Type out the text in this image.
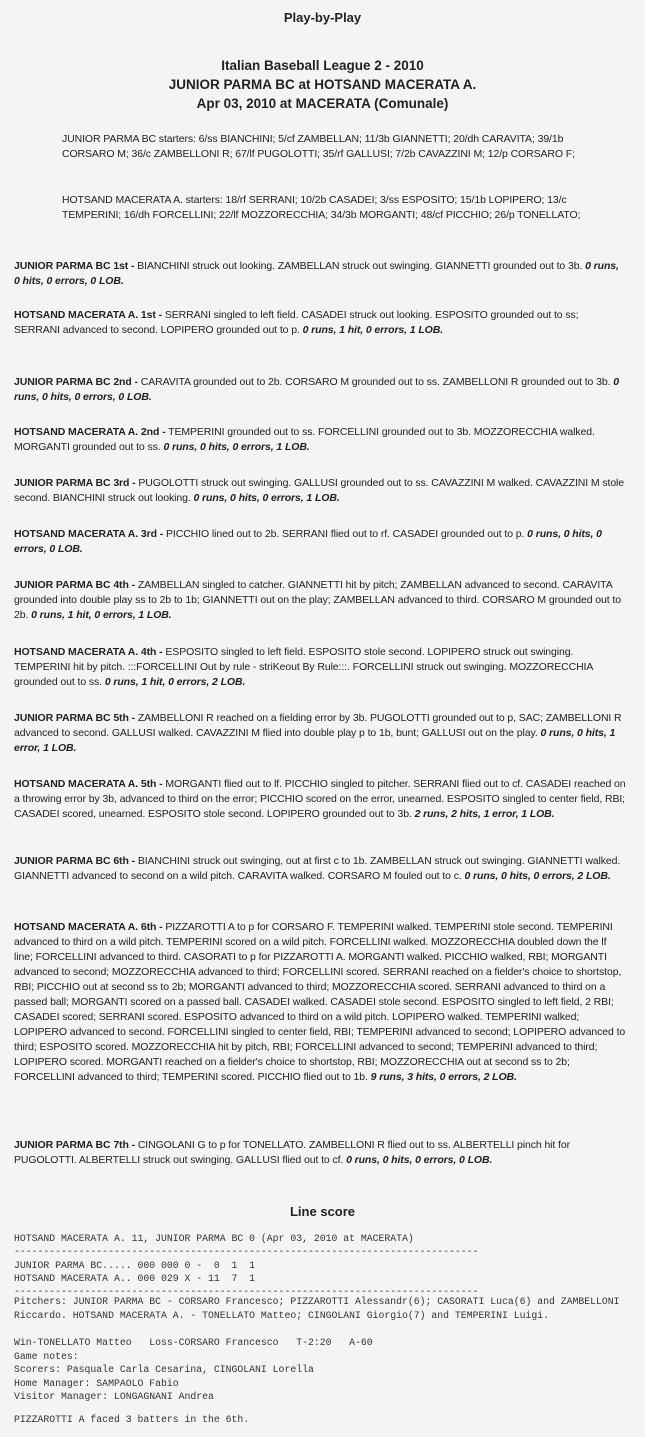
Play-by-Play
Italian Baseball League 2 - 2010
JUNIOR PARMA BC at HOTSAND MACERATA A.
Apr 03, 2010 at MACERATA (Comunale)
JUNIOR PARMA BC starters: 6/ss BIANCHINI; 5/cf ZAMBELLAN; 11/3b GIANNETTI; 20/dh CARAVITA; 39/1b CORSARO M; 36/c ZAMBELLONI R; 67/lf PUGOLOTTI; 35/rf GALLUSI; 7/2b CAVAZZINI M; 12/p CORSARO F;
HOTSAND MACERATA A. starters: 18/rf SERRANI; 10/2b CASADEI; 3/ss ESPOSITO; 15/1b LOPIPERO; 13/c TEMPERINI; 16/dh FORCELLINI; 22/lf MOZZORECCHIA; 34/3b MORGANTI; 48/cf PICCHIO; 26/p TONELLATO;
JUNIOR PARMA BC 1st - BIANCHINI struck out looking. ZAMBELLAN struck out swinging. GIANNETTI grounded out to 3b. 0 runs, 0 hits, 0 errors, 0 LOB.
HOTSAND MACERATA A. 1st - SERRANI singled to left field. CASADEI struck out looking. ESPOSITO grounded out to ss; SERRANI advanced to second. LOPIPERO grounded out to p. 0 runs, 1 hit, 0 errors, 1 LOB.
JUNIOR PARMA BC 2nd - CARAVITA grounded out to 2b. CORSARO M grounded out to ss. ZAMBELLONI R grounded out to 3b. 0 runs, 0 hits, 0 errors, 0 LOB.
HOTSAND MACERATA A. 2nd - TEMPERINI grounded out to ss. FORCELLINI grounded out to 3b. MOZZORECCHIA walked. MORGANTI grounded out to ss. 0 runs, 0 hits, 0 errors, 1 LOB.
JUNIOR PARMA BC 3rd - PUGOLOTTI struck out swinging. GALLUSI grounded out to ss. CAVAZZINI M walked. CAVAZZINI M stole second. BIANCHINI struck out looking. 0 runs, 0 hits, 0 errors, 1 LOB.
HOTSAND MACERATA A. 3rd - PICCHIO lined out to 2b. SERRANI flied out to rf. CASADEI grounded out to p. 0 runs, 0 hits, 0 errors, 0 LOB.
JUNIOR PARMA BC 4th - ZAMBELLAN singled to catcher. GIANNETTI hit by pitch; ZAMBELLAN advanced to second. CARAVITA grounded into double play ss to 2b to 1b; GIANNETTI out on the play; ZAMBELLAN advanced to third. CORSARO M grounded out to 2b. 0 runs, 1 hit, 0 errors, 1 LOB.
HOTSAND MACERATA A. 4th - ESPOSITO singled to left field. ESPOSITO stole second. LOPIPERO struck out swinging. TEMPERINI hit by pitch. :::FORCELLINI Out by rule - striKeout By Rule:::. FORCELLINI struck out swinging. MOZZORECCHIA grounded out to ss. 0 runs, 1 hit, 0 errors, 2 LOB.
JUNIOR PARMA BC 5th - ZAMBELLONI R reached on a fielding error by 3b. PUGOLOTTI grounded out to p, SAC; ZAMBELLONI R advanced to second. GALLUSI walked. CAVAZZINI M flied into double play p to 1b, bunt; GALLUSI out on the play. 0 runs, 0 hits, 1 error, 1 LOB.
HOTSAND MACERATA A. 5th - MORGANTI flied out to lf. PICCHIO singled to pitcher. SERRANI flied out to cf. CASADEI reached on a throwing error by 3b, advanced to third on the error; PICCHIO scored on the error, unearned. ESPOSITO singled to center field, RBI; CASADEI scored, unearned. ESPOSITO stole second. LOPIPERO grounded out to 3b. 2 runs, 2 hits, 1 error, 1 LOB.
JUNIOR PARMA BC 6th - BIANCHINI struck out swinging, out at first c to 1b. ZAMBELLAN struck out swinging. GIANNETTI walked. GIANNETTI advanced to second on a wild pitch. CARAVITA walked. CORSARO M fouled out to c. 0 runs, 0 hits, 0 errors, 2 LOB.
HOTSAND MACERATA A. 6th - PIZZAROTTI A to p for CORSARO F. TEMPERINI walked. TEMPERINI stole second. TEMPERINI advanced to third on a wild pitch. TEMPERINI scored on a wild pitch. FORCELLINI walked. MOZZORECCHIA doubled down the lf line; FORCELLINI advanced to third. CASORATI to p for PIZZAROTTI A. MORGANTI walked. PICCHIO walked, RBI; MORGANTI advanced to second; MOZZORECCHIA advanced to third; FORCELLINI scored. SERRANI reached on a fielder's choice to shortstop, RBI; PICCHIO out at second ss to 2b; MORGANTI advanced to third; MOZZORECCHIA scored. SERRANI advanced to third on a passed ball; MORGANTI scored on a passed ball. CASADEI walked. CASADEI stole second. ESPOSITO singled to left field, 2 RBI; CASADEI scored; SERRANI scored. ESPOSITO advanced to third on a wild pitch. LOPIPERO walked. TEMPERINI walked; LOPIPERO advanced to second. FORCELLINI singled to center field, RBI; TEMPERINI advanced to second; LOPIPERO advanced to third; ESPOSITO scored. MOZZORECCHIA hit by pitch, RBI; FORCELLINI advanced to second; TEMPERINI advanced to third; LOPIPERO scored. MORGANTI reached on a fielder's choice to shortstop, RBI; MOZZORECCHIA out at second ss to 2b; FORCELLINI advanced to third; TEMPERINI scored. PICCHIO flied out to 1b. 9 runs, 3 hits, 0 errors, 2 LOB.
JUNIOR PARMA BC 7th - CINGOLANI G to p for TONELLATO. ZAMBELLONI R flied out to ss. ALBERTELLI pinch hit for PUGOLOTTI. ALBERTELLI struck out swinging. GALLUSI flied out to cf. 0 runs, 0 hits, 0 errors, 0 LOB.
Line score
HOTSAND MACERATA A. 11, JUNIOR PARMA BC 0 (Apr 03, 2010 at MACERATA)
-------------------------------------------------------------------------------
JUNIOR PARMA BC..... 000 000 0 -  0  1  1
HOTSAND MACERATA A.. 000 029 X - 11  7  1
-------------------------------------------------------------------------------
Pitchers: JUNIOR PARMA BC - CORSARO Francesco; PIZZAROTTI Alessandr(6); CASORATI Luca(6) and ZAMBELLONI Riccardo. HOTSAND MACERATA A. - TONELLATO Matteo; CINGOLANI Giorgio(7) and TEMPERINI Luigi.
Win-TONELLATO Matteo   Loss-CORSARO Francesco   T-2:20   A-60
Game notes:
Scorers: Pasquale Carla Cesarina, CINGOLANI Lorella
Home Manager: SAMPAOLO Fabio
Visitor Manager: LONGAGNANI Andrea
PIZZAROTTI A faced 3 batters in the 6th.
